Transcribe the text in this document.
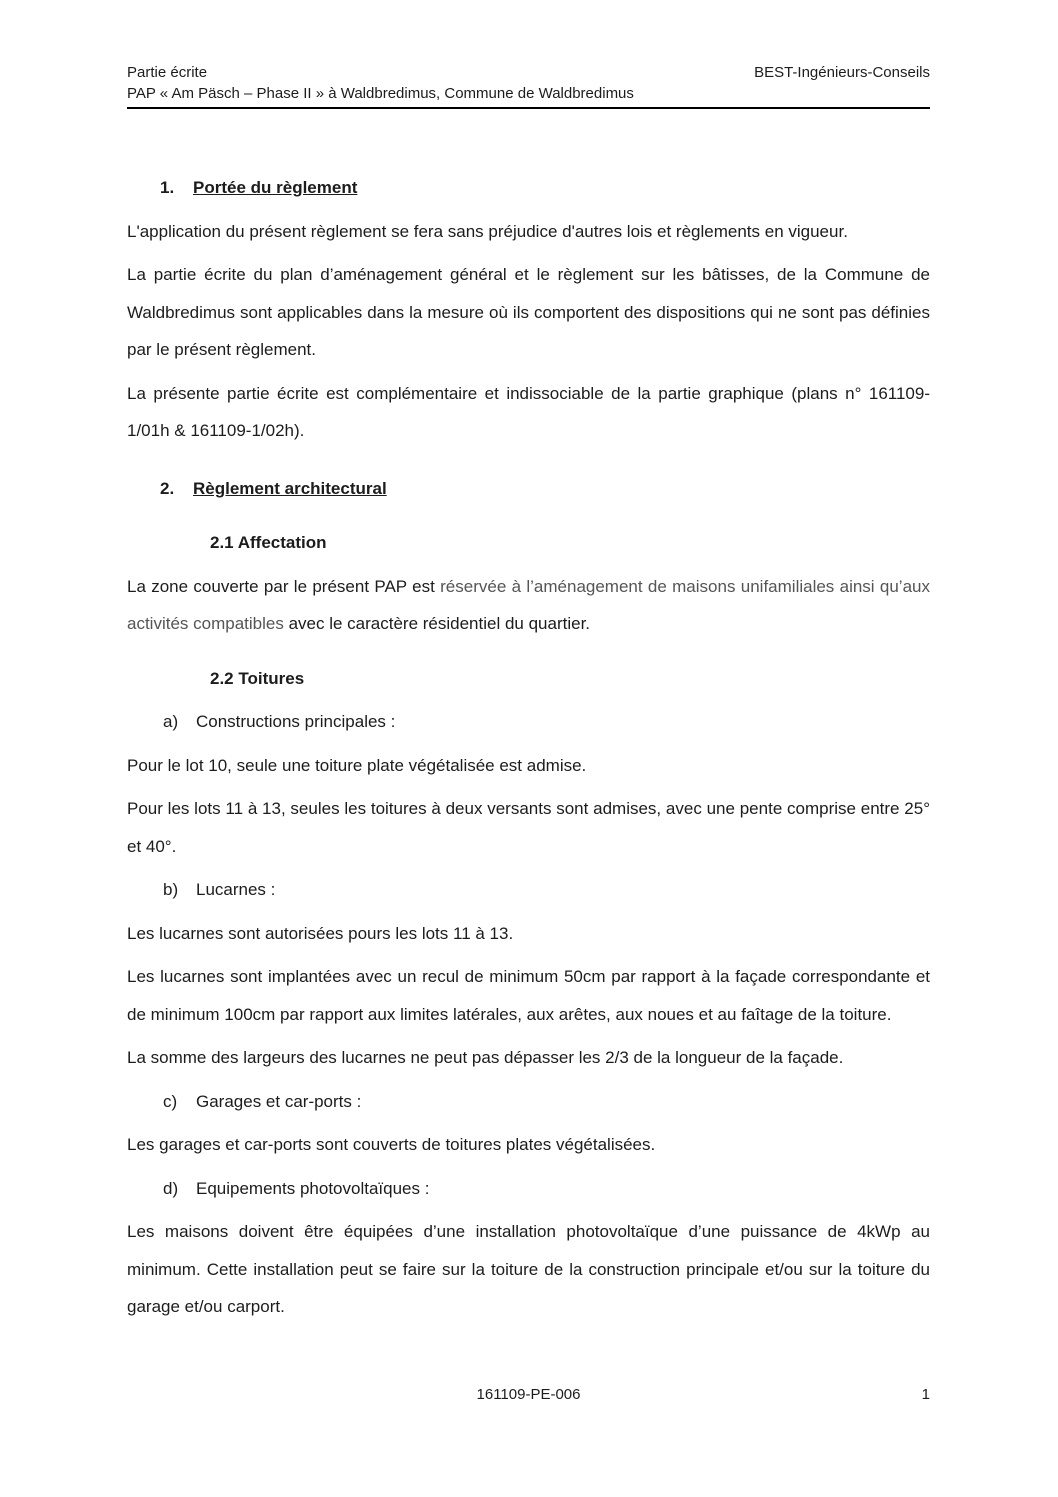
Partie écrite	BEST-Ingénieurs-Conseils
PAP « Am Päsch – Phase II » à Waldbredimus, Commune de Waldbredimus
1. Portée du règlement

L'application du présent règlement se fera sans préjudice d'autres lois et règlements en vigueur.

La partie écrite du plan d’aménagement général et le règlement sur les bâtisses, de la Commune de Waldbredimus sont applicables dans la mesure où ils comportent des dispositions qui ne sont pas définies par le présent règlement.

La présente partie écrite est complémentaire et indissociable de la partie graphique (plans n° 161109-1/01h & 161109-1/02h).

2. Règlement architectural
2.1 Affectation

La zone couverte par le présent PAP est réservée à l’aménagement de maisons unifamiliales ainsi qu’aux activités compatibles avec le caractère résidentiel du quartier.

2.2 Toitures
a) Constructions principales :

Pour le lot 10, seule une toiture plate végétalisée est admise.

Pour les lots 11 à 13, seules les toitures à deux versants sont admises, avec une pente comprise entre 25° et 40°.

b) Lucarnes :

Les lucarnes sont autorisées pours les lots 11 à 13.

Les lucarnes sont implantées avec un recul de minimum 50cm par rapport à la façade correspondante et de minimum 100cm par rapport aux limites latérales, aux arêtes, aux noues et au faîtage de la toiture.

La somme des largeurs des lucarnes ne peut pas dépasser les 2/3 de la longueur de la façade.

c) Garages et car-ports :

Les garages et car-ports sont couverts de toitures plates végétalisées.

d) Equipements photovoltaïques :

Les maisons doivent être équipées d’une installation photovoltaïque d’une puissance de 4kWp au minimum. Cette installation peut se faire sur la toiture de la construction principale et/ou sur la toiture du garage et/ou carport.

161109-PE-006	1
